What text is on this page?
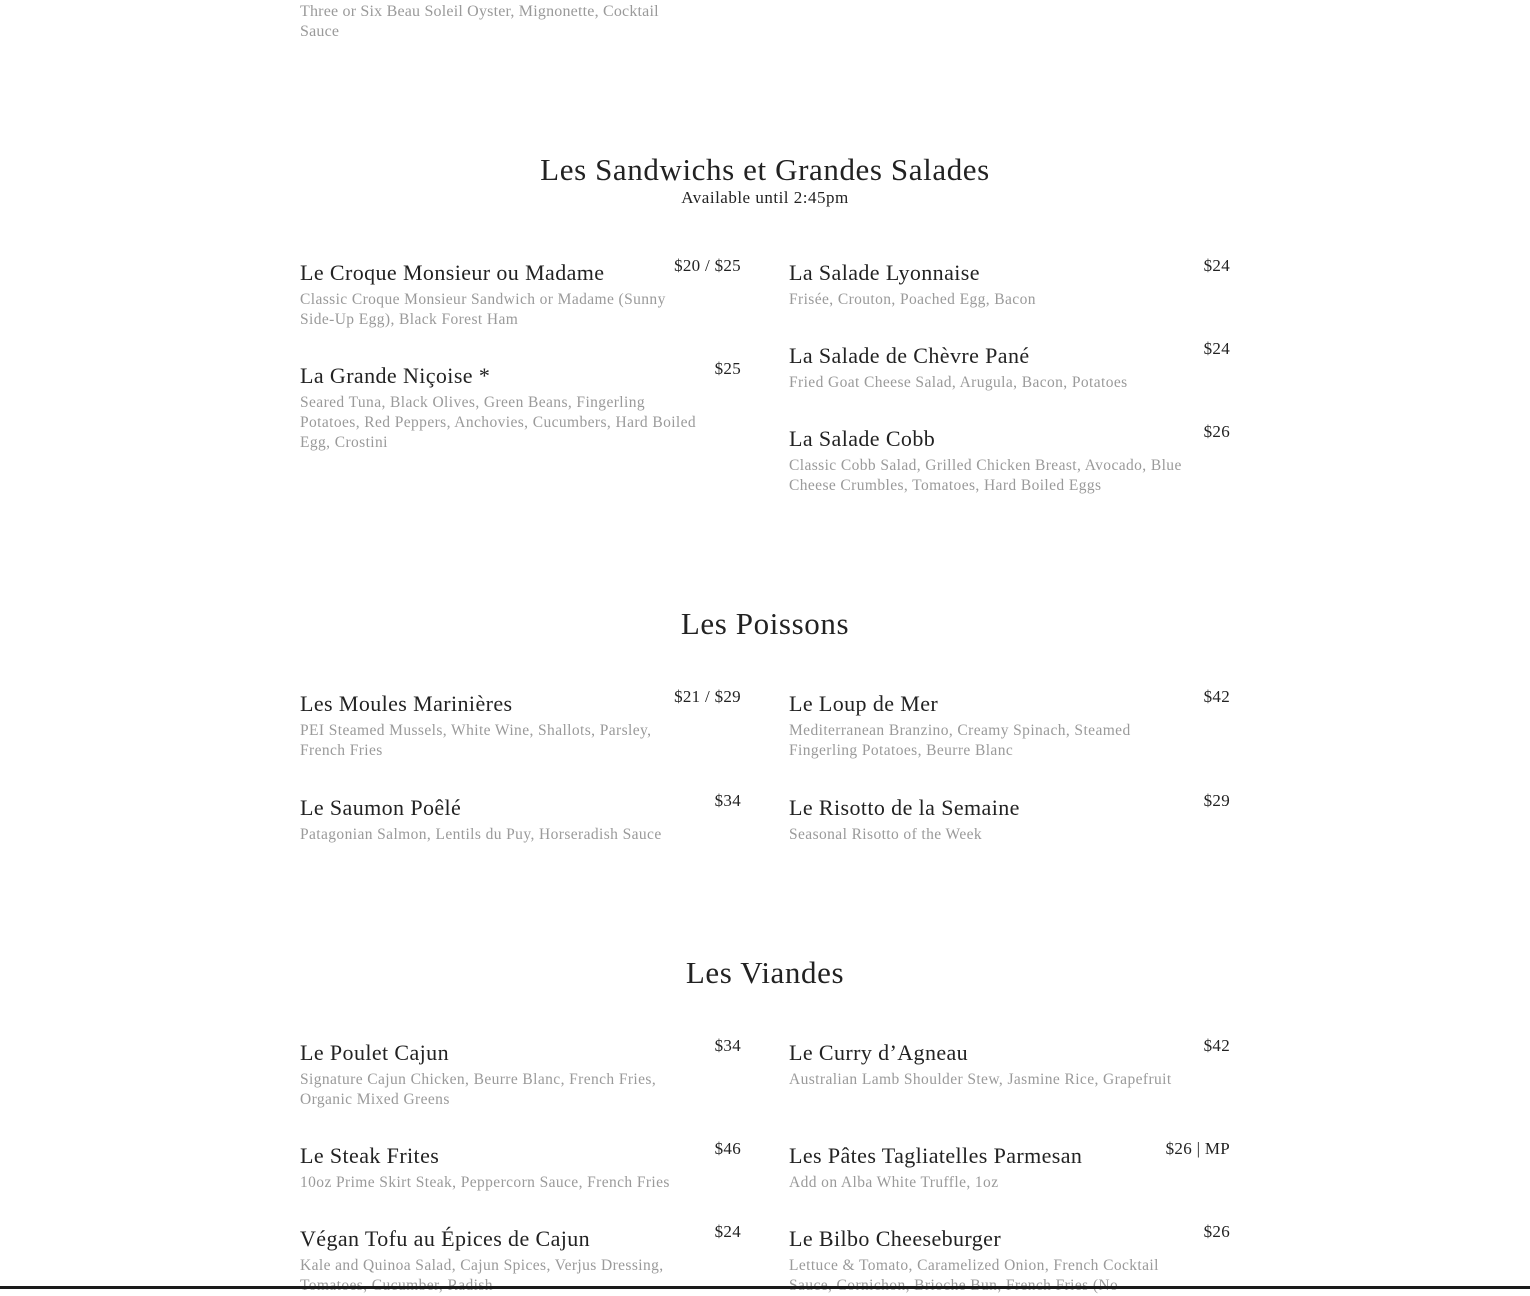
Three or Six Beau Soleil Oyster, Mignonette, Cocktail Sauce
Les Sandwichs et Grandes Salades
Available until 2:45pm
Le Croque Monsieur ou Madame	$20 / $25
Classic Croque Monsieur Sandwich or Madame (Sunny Side-Up Egg), Black Forest Ham
La Grande Niçoise *	$25
Seared Tuna, Black Olives, Green Beans, Fingerling Potatoes, Red Peppers, Anchovies, Cucumbers, Hard Boiled Egg, Crostini
La Salade Lyonnaise	$24
Frisée, Crouton, Poached Egg, Bacon
La Salade de Chèvre Pané	$24
Fried Goat Cheese Salad, Arugula, Bacon, Potatoes
La Salade Cobb	$26
Classic Cobb Salad, Grilled Chicken Breast, Avocado, Blue Cheese Crumbles, Tomatoes, Hard Boiled Eggs
Les Poissons
Les Moules Marinières	$21 / $29
PEI Steamed Mussels, White Wine, Shallots, Parsley, French Fries
Le Saumon Poêlé	$34
Patagonian Salmon, Lentils du Puy, Horseradish Sauce
Le Loup de Mer	$42
Mediterranean Branzino, Creamy Spinach, Steamed Fingerling Potatoes, Beurre Blanc
Le Risotto de la Semaine	$29
Seasonal Risotto of the Week
Les Viandes
Le Poulet Cajun	$34
Signature Cajun Chicken, Beurre Blanc, French Fries, Organic Mixed Greens
Le Steak Frites	$46
10oz Prime Skirt Steak, Peppercorn Sauce, French Fries
Végan Tofu au Épices de Cajun	$24
Kale and Quinoa Salad, Cajun Spices, Verjus Dressing,
Le Curry d’Agneau	$42
Australian Lamb Shoulder Stew, Jasmine Rice, Grapefruit
Les Pâtes Tagliatelles Parmesan	$26 | MP
Add on Alba White Truffle, 1oz
Le Bilbo Cheeseburger	$26
Lettuce & Tomato, Caramelized Onion, French Cocktail
